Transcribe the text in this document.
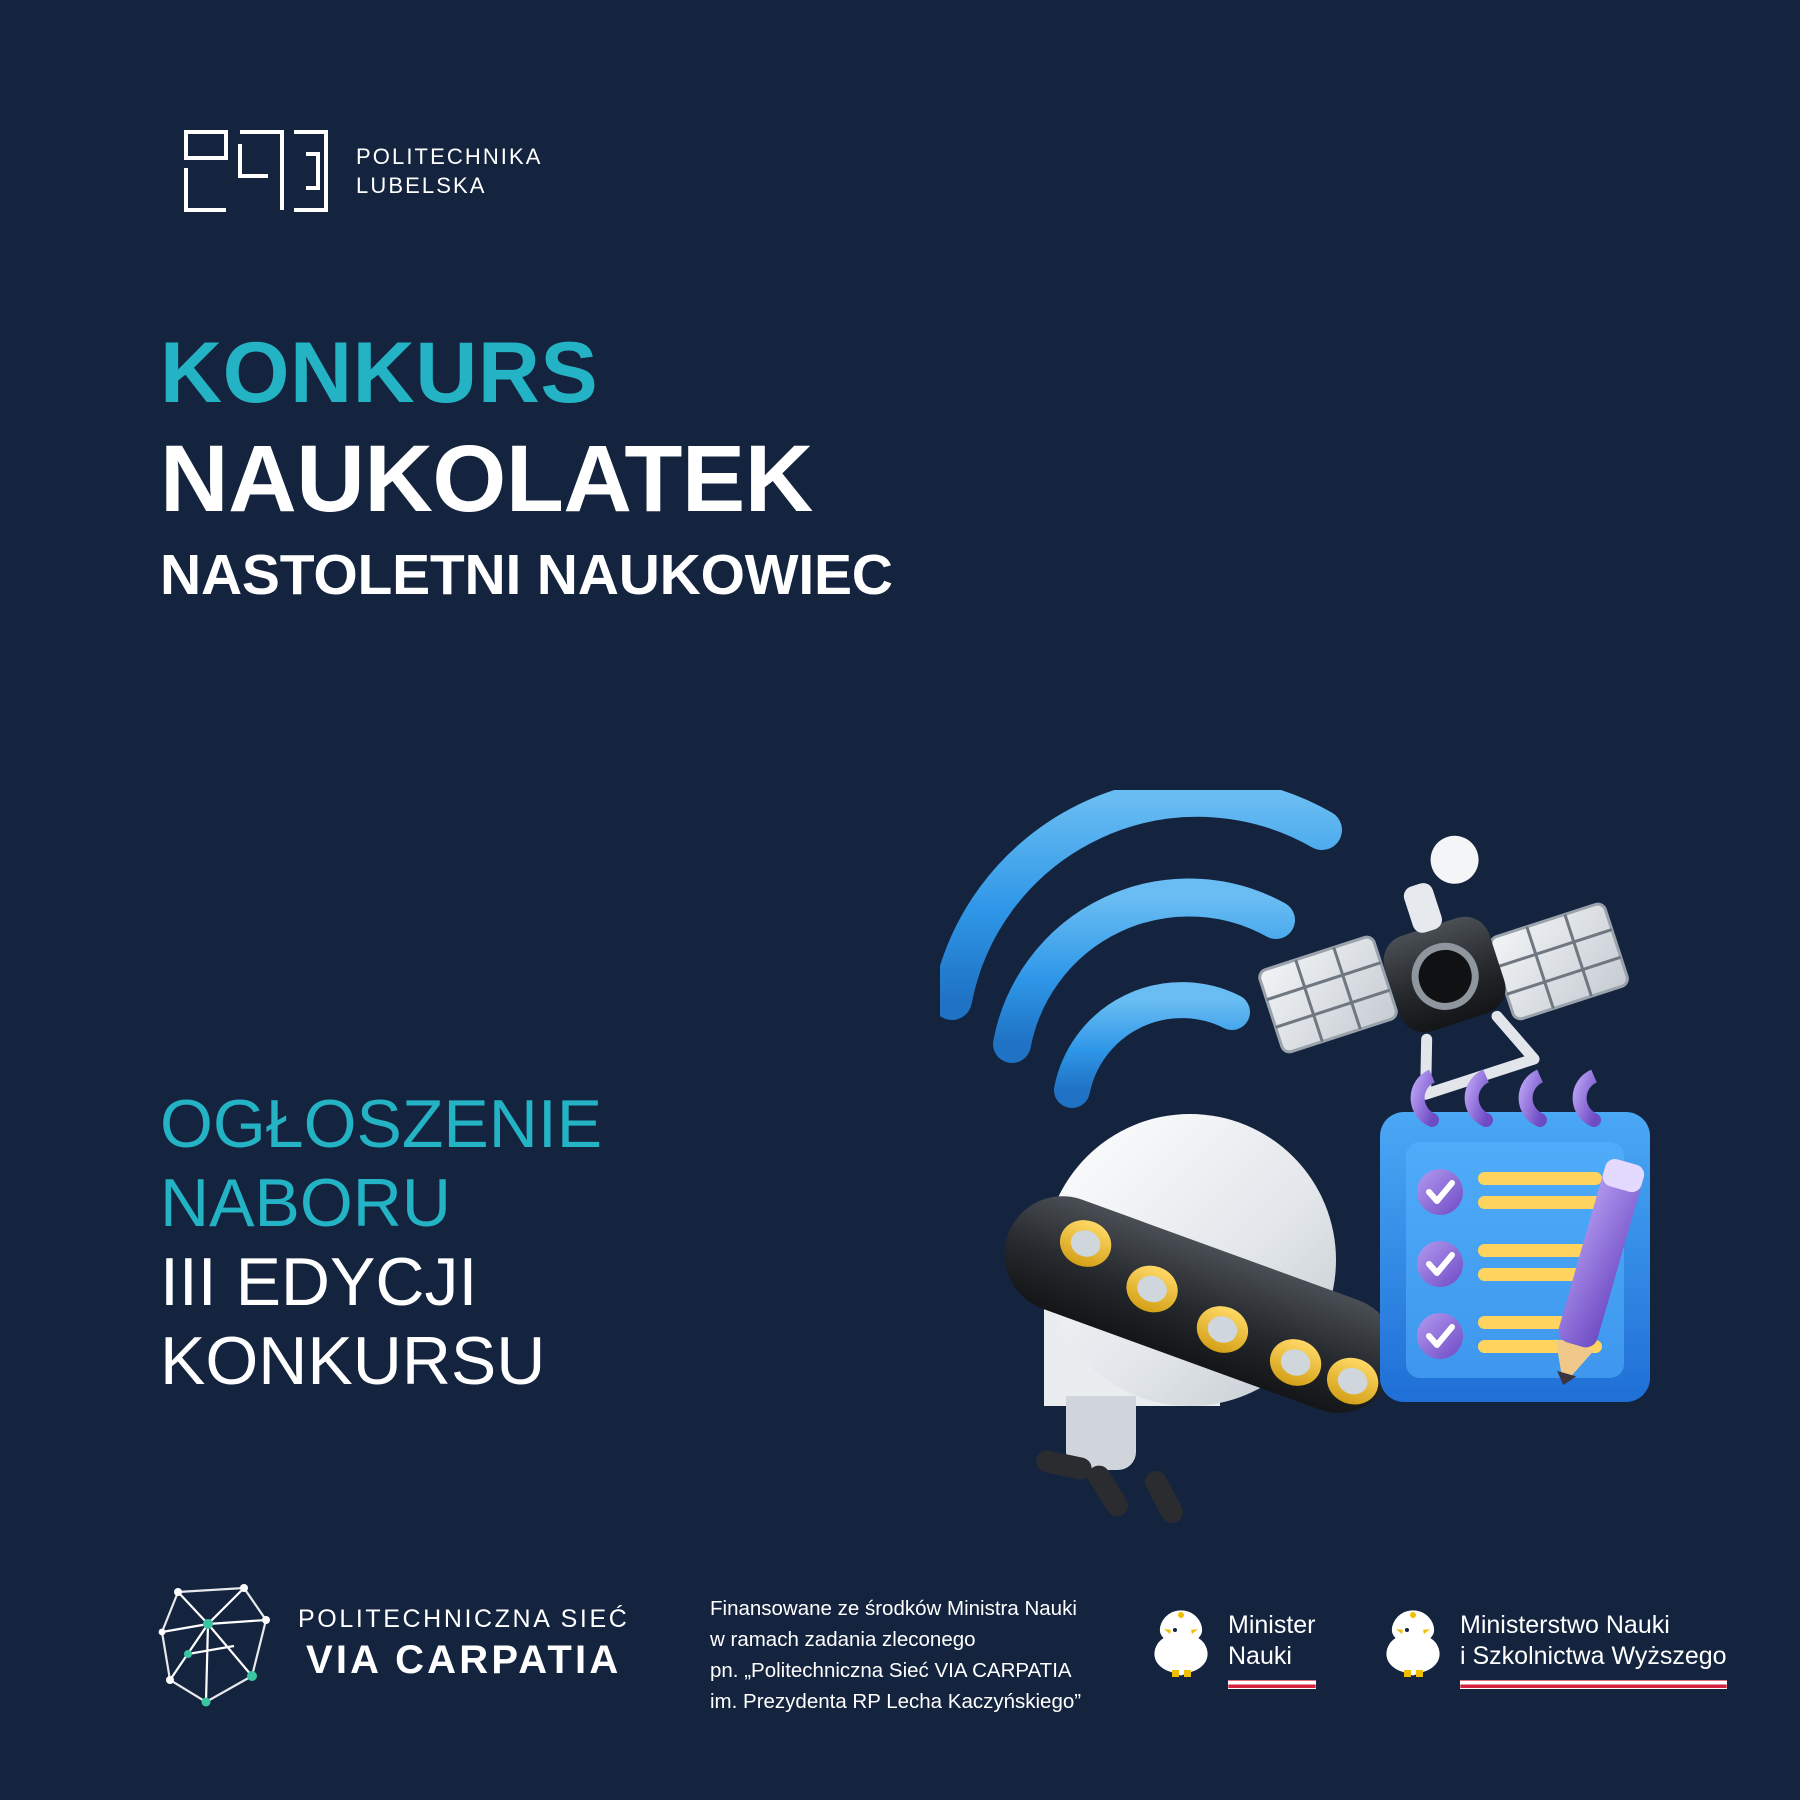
POLITECHNIKA
LUBELSKA
KONKURS
NAUKOLATEK
NASTOLETNI NAUKOWIEC
OGŁOSZENIE
NABORU
III EDYCJI
KONKURSU
POLITECHNICZNA SIEĆ
VIA CARPATIA
Finansowane ze środków Ministra Nauki
w ramach zadania zleconego
pn. „Politechniczna Sieć VIA CARPATIA
im. Prezydenta RP Lecha Kaczyńskiego”
Minister
Nauki
Ministerstwo Nauki
i Szkolnictwa Wyższego
